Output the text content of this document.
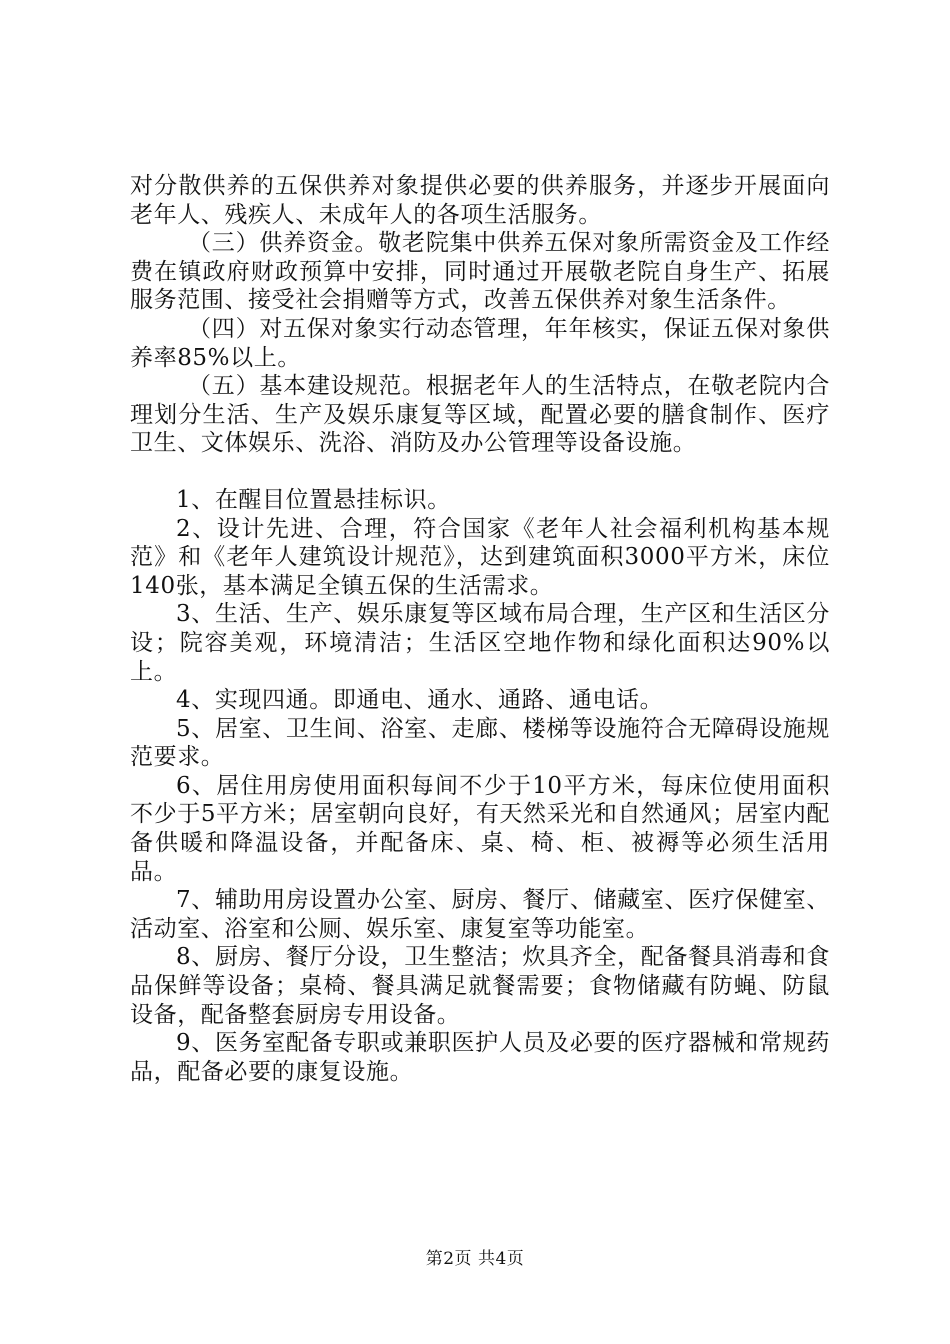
对分散供养的五保供养对象提供必要的供养服务，并逐步开展面向老年人、残疾人、未成年人的各项生活服务。

（三）供养资金。敬老院集中供养五保对象所需资金及工作经费在镇政府财政预算中安排，同时通过开展敬老院自身生产、拓展服务范围、接受社会捐赠等方式，改善五保供养对象生活条件。

（四）对五保对象实行动态管理，年年核实，保证五保对象供养率85%以上。

（五）基本建设规范。根据老年人的生活特点，在敬老院内合理划分生活、生产及娱乐康复等区域，配置必要的膳食制作、医疗卫生、文体娱乐、洗浴、消防及办公管理等设备设施。

1、在醒目位置悬挂标识。

2、设计先进、合理，符合国家《老年人社会福利机构基本规范》和《老年人建筑设计规范》，达到建筑面积3000平方米，床位140张，基本满足全镇五保的生活需求。

3、生活、生产、娱乐康复等区域布局合理，生产区和生活区分设；院容美观，环境清洁；生活区空地作物和绿化面积达90%以上。

4、实现四通。即通电、通水、通路、通电话。

5、居室、卫生间、浴室、走廊、楼梯等设施符合无障碍设施规范要求。

6、居住用房使用面积每间不少于10平方米，每床位使用面积不少于5平方米；居室朝向良好，有天然采光和自然通风；居室内配备供暖和降温设备，并配备床、桌、椅、柜、被褥等必须生活用品。

7、辅助用房设置办公室、厨房、餐厅、储藏室、医疗保健室、活动室、浴室和公厕、娱乐室、康复室等功能室。

8、厨房、餐厅分设，卫生整洁；炊具齐全，配备餐具消毒和食品保鲜等设备；桌椅、餐具满足就餐需要；食物储藏有防蝇、防鼠设备，配备整套厨房专用设备。

9、医务室配备专职或兼职医护人员及必要的医疗器械和常规药品，配备必要的康复设施。

第2页 共4页
